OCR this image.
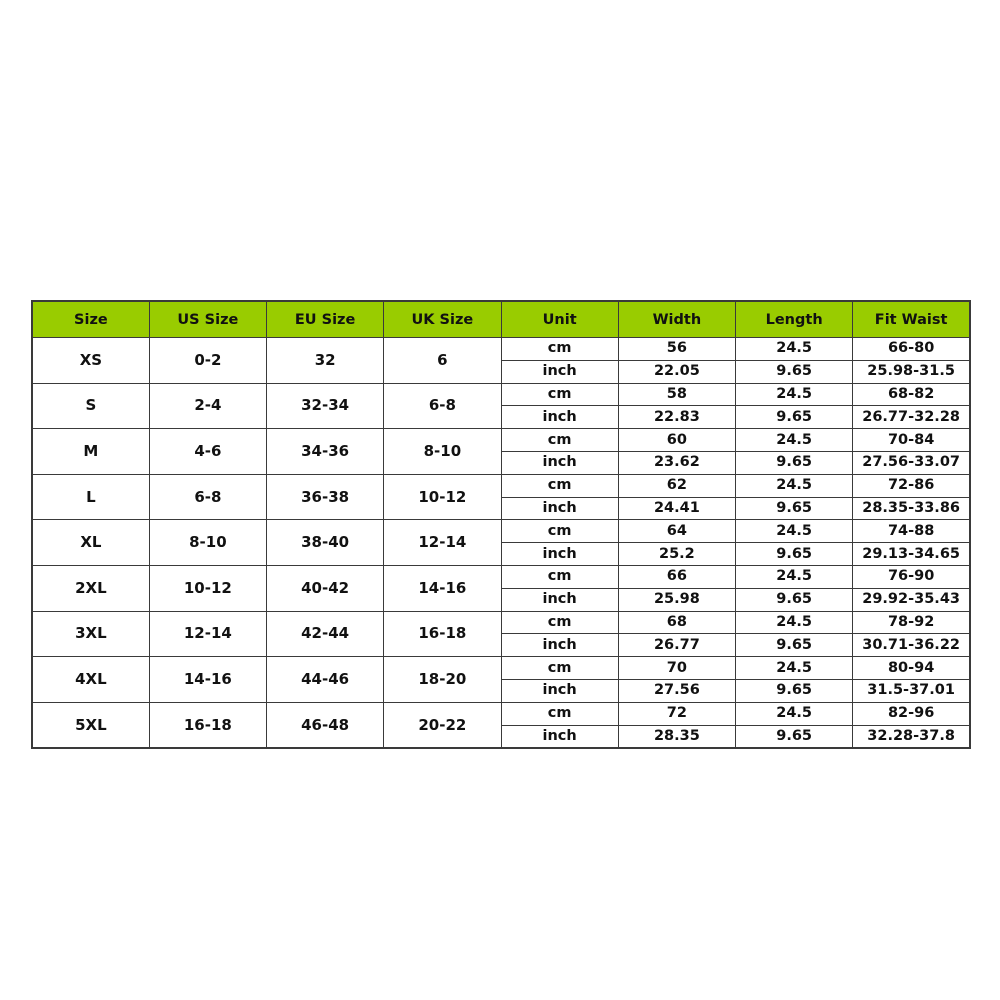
Size	US Size	EU Size	UK Size	Unit	Width	Length	Fit Waist
XS	0-2	32	6	cm	56	24.5	66-80
				inch	22.05	9.65	25.98-31.5
S	2-4	32-34	6-8	cm	58	24.5	68-82
				inch	22.83	9.65	26.77-32.28
M	4-6	34-36	8-10	cm	60	24.5	70-84
				inch	23.62	9.65	27.56-33.07
L	6-8	36-38	10-12	cm	62	24.5	72-86
				inch	24.41	9.65	28.35-33.86
XL	8-10	38-40	12-14	cm	64	24.5	74-88
				inch	25.2	9.65	29.13-34.65
2XL	10-12	40-42	14-16	cm	66	24.5	76-90
				inch	25.98	9.65	29.92-35.43
3XL	12-14	42-44	16-18	cm	68	24.5	78-92
				inch	26.77	9.65	30.71-36.22
4XL	14-16	44-46	18-20	cm	70	24.5	80-94
				inch	27.56	9.65	31.5-37.01
5XL	16-18	46-48	20-22	cm	72	24.5	82-96
				inch	28.35	9.65	32.28-37.8
